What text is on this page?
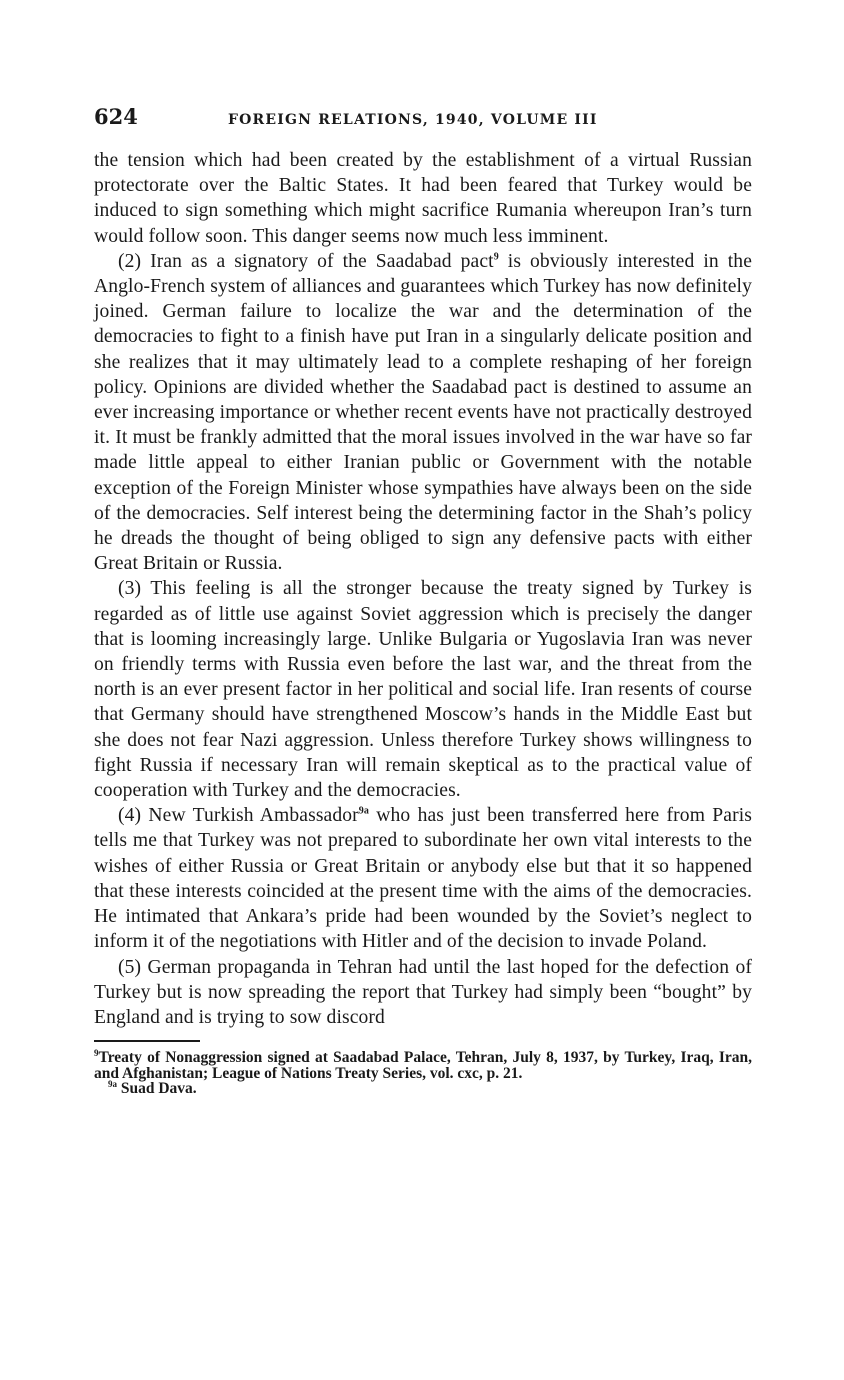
624	FOREIGN RELATIONS, 1940, VOLUME III

the tension which had been created by the establishment of a virtual Russian protectorate over the Baltic States. It had been feared that Turkey would be induced to sign something which might sacrifice Rumania whereupon Iran’s turn would follow soon. This danger seems now much less imminent.

(2) Iran as a signatory of the Saadabad pact$^9$ is obviously interested in the Anglo-French system of alliances and guarantees which Turkey has now definitely joined. German failure to localize the war and the determination of the democracies to fight to a finish have put Iran in a singularly delicate position and she realizes that it may ultimately lead to a complete reshaping of her foreign policy. Opinions are divided whether the Saadabad pact is destined to assume an ever increasing importance or whether recent events have not practically destroyed it. It must be frankly admitted that the moral issues involved in the war have so far made little appeal to either Iranian public or Government with the notable exception of the Foreign Minister whose sympathies have always been on the side of the democracies. Self interest being the determining factor in the Shah’s policy he dreads the thought of being obliged to sign any defensive pacts with either Great Britain or Russia.

(3) This feeling is all the stronger because the treaty signed by Turkey is regarded as of little use against Soviet aggression which is precisely the danger that is looming increasingly large. Unlike Bulgaria or Yugoslavia Iran was never on friendly terms with Russia even before the last war, and the threat from the north is an ever present factor in her political and social life. Iran resents of course that Germany should have strengthened Moscow’s hands in the Middle East but she does not fear Nazi aggression. Unless therefore Turkey shows willingness to fight Russia if necessary Iran will remain skeptical as to the practical value of cooperation with Turkey and the democracies.

(4) New Turkish Ambassador$^{9a}$ who has just been transferred here from Paris tells me that Turkey was not prepared to subordinate her own vital interests to the wishes of either Russia or Great Britain or anybody else but that it so happened that these interests coincided at the present time with the aims of the democracies. He intimated that Ankara’s pride had been wounded by the Soviet’s neglect to inform it of the negotiations with Hitler and of the decision to invade Poland.

(5) German propaganda in Tehran had until the last hoped for the defection of Turkey but is now spreading the report that Turkey had simply been “bought” by England and is trying to sow discord

$^9$Treaty of Nonaggression signed at Saadabad Palace, Tehran, July 8, 1937, by Turkey, Iraq, Iran, and Afghanistan; League of Nations Treaty Series, vol. cxc, p. 21.

$^{9a}$ Suad Dava.
